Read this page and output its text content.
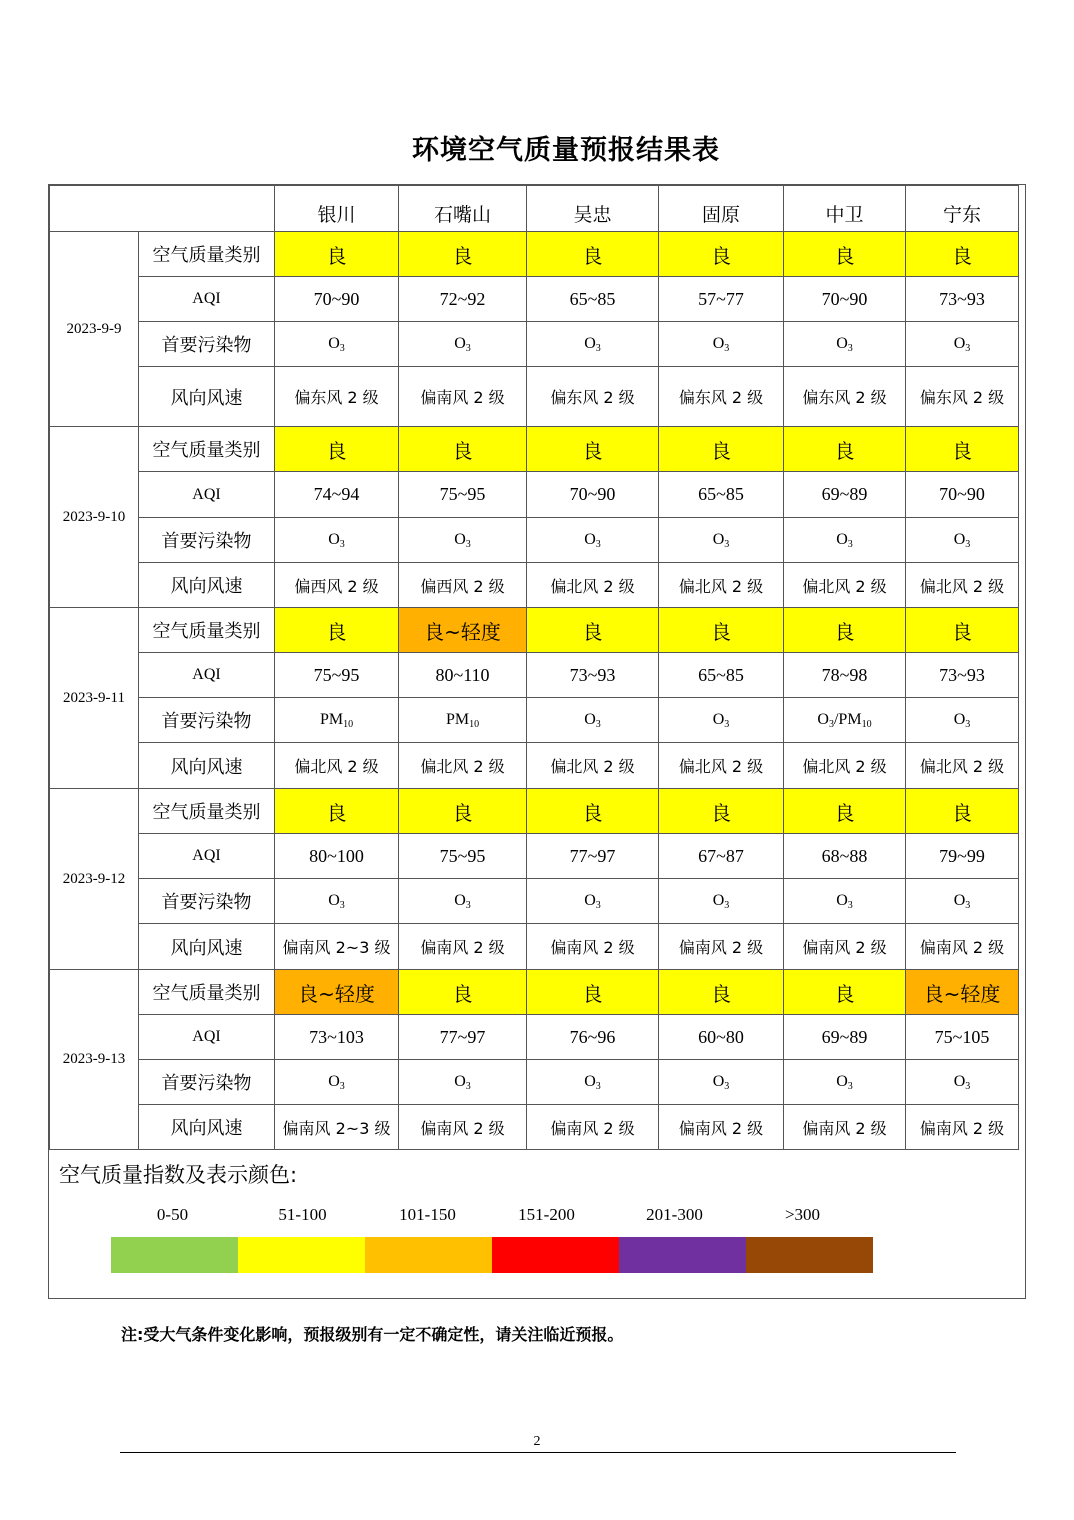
环境空气质量预报结果表
		银川	石嘴山	吴忠	固原	中卫	宁东
2023-9-9	空气质量类别	良	良	良	良	良	良
	AQI	70~90	72~92	65~85	57~77	70~90	73~93
	首要污染物	$O_3$	$O_3$	$O_3$	$O_3$	$O_3$	$O_3$
	风向风速	偏东风 2 级	偏南风 2 级	偏东风 2 级	偏东风 2 级	偏东风 2 级	偏东风 2 级
2023-9-10	空气质量类别	良	良	良	良	良	良
	AQI	74~94	75~95	70~90	65~85	69~89	70~90
	首要污染物	$O_3$	$O_3$	$O_3$	$O_3$	$O_3$	$O_3$
	风向风速	偏西风 2 级	偏西风 2 级	偏北风 2 级	偏北风 2 级	偏北风 2 级	偏北风 2 级
2023-9-11	空气质量类别	良	良~轻度	良	良	良	良
	AQI	75~95	80~110	73~93	65~85	78~98	73~93
	首要污染物	$PM_{10}$	$PM_{10}$	$O_3$	$O_3$	$O_3/PM_{10}$	$O_3$
	风向风速	偏北风 2 级	偏北风 2 级	偏北风 2 级	偏北风 2 级	偏北风 2 级	偏北风 2 级
2023-9-12	空气质量类别	良	良	良	良	良	良
	AQI	80~100	75~95	77~97	67~87	68~88	79~99
	首要污染物	$O_3$	$O_3$	$O_3$	$O_3$	$O_3$	$O_3$
	风向风速	偏南风 2~3 级	偏南风 2 级	偏南风 2 级	偏南风 2 级	偏南风 2 级	偏南风 2 级
2023-9-13	空气质量类别	良~轻度	良	良	良	良	良~轻度
	AQI	73~103	77~97	76~96	60~80	69~89	75~105
	首要污染物	$O_3$	$O_3$	$O_3$	$O_3$	$O_3$	$O_3$
	风向风速	偏南风 2~3 级	偏南风 2 级	偏南风 2 级	偏南风 2 级	偏南风 2 级	偏南风 2 级
空气质量指数及表示颜色:
0-50	51-100	101-150	151-200	201-300	>300
注:受大气条件变化影响，预报级别有一定不确定性，请关注临近预报。
2
